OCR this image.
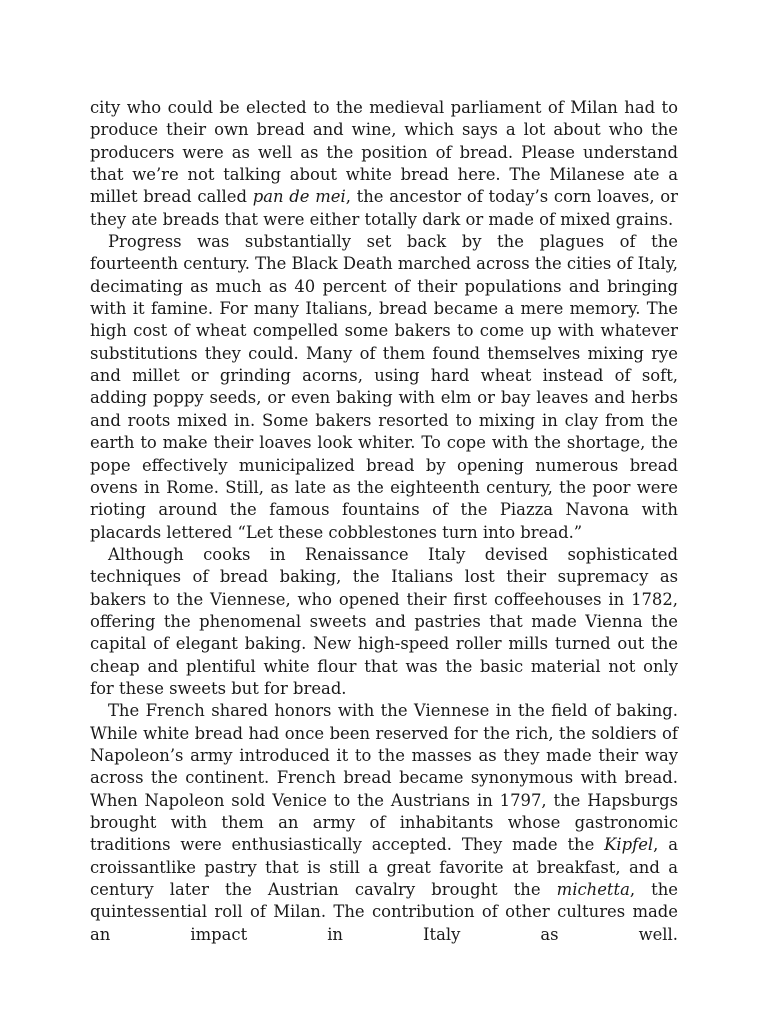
city who could be elected to the medieval parliament of Milan had to produce their own bread and wine, which says a lot about who the producers were as well as the position of bread. Please understand that we’re not talking about white bread here. The Milanese ate a millet bread called pan de mei, the ancestor of today’s corn loaves, or they ate breads that were either totally dark or made of mixed grains.

Progress was substantially set back by the plagues of the fourteenth century. The Black Death marched across the cities of Italy, decimating as much as 40 percent of their populations and bringing with it famine. For many Italians, bread became a mere memory. The high cost of wheat compelled some bakers to come up with whatever substitutions they could. Many of them found themselves mixing rye and millet or grinding acorns, using hard wheat instead of soft, adding poppy seeds, or even baking with elm or bay leaves and herbs and roots mixed in. Some bakers resorted to mixing in clay from the earth to make their loaves look whiter. To cope with the shortage, the pope effectively municipalized bread by opening numerous bread ovens in Rome. Still, as late as the eighteenth century, the poor were rioting around the famous fountains of the Piazza Navona with placards lettered “Let these cobblestones turn into bread.”

Although cooks in Renaissance Italy devised sophisticated techniques of bread baking, the Italians lost their supremacy as bakers to the Viennese, who opened their first coffeehouses in 1782, offering the phenomenal sweets and pastries that made Vienna the capital of elegant baking. New high-speed roller mills turned out the cheap and plentiful white flour that was the basic material not only for these sweets but for bread.

The French shared honors with the Viennese in the field of baking. While white bread had once been reserved for the rich, the soldiers of Napoleon’s army introduced it to the masses as they made their way across the continent. French bread became synonymous with bread. When Napoleon sold Venice to the Austrians in 1797, the Hapsburgs brought with them an army of inhabitants whose gastronomic traditions were enthusiastically accepted. They made the Kipfel, a croissantlike pastry that is still a great favorite at breakfast, and a century later the Austrian cavalry brought the michetta, the quintessential roll of Milan. The contribution of other cultures made an impact in Italy as well.
